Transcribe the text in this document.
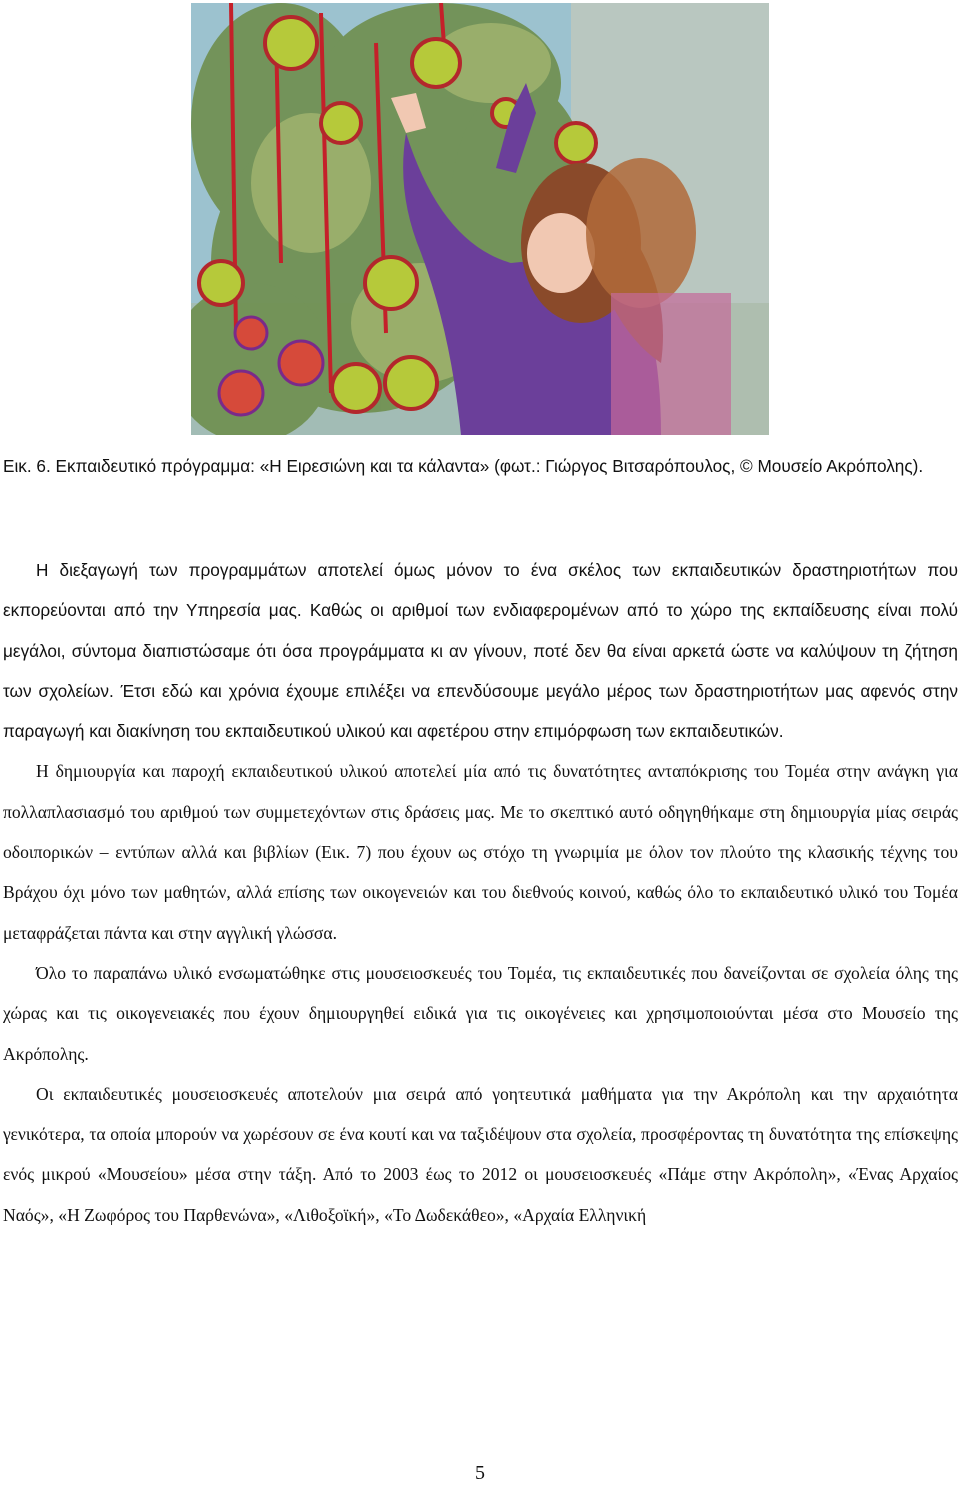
Εικ. 6. Εκπαιδευτικό πρόγραμμα: «Η Ειρεσιώνη και τα κάλαντα» (φωτ.: Γιώργος Βιτσαρόπουλος, © Μουσείο Ακρόπολης).

Η διεξαγωγή των προγραμμάτων αποτελεί όμως μόνον το ένα σκέλος των εκπαιδευτικών δραστηριοτήτων που εκπορεύονται από την Υπηρεσία μας. Καθώς οι αριθμοί των ενδιαφερομένων από το χώρο της εκπαίδευσης είναι πολύ μεγάλοι, σύντομα διαπιστώσαμε ότι όσα προγράμματα κι αν γίνουν, ποτέ δεν θα είναι αρκετά ώστε να καλύψουν τη ζήτηση των σχολείων. Έτσι εδώ και χρόνια έχουμε επιλέξει να επενδύσουμε μεγάλο μέρος των δραστηριοτήτων μας αφενός στην παραγωγή και διακίνηση του εκπαιδευτικού υλικού και αφετέρου στην επιμόρφωση των εκπαιδευτικών.

Η δημιουργία και παροχή εκπαιδευτικού υλικού αποτελεί μία από τις δυνατότητες ανταπόκρισης του Τομέα στην ανάγκη για πολλαπλασιασμό του αριθμού των συμμετεχόντων στις δράσεις μας. Με το σκεπτικό αυτό οδηγηθήκαμε στη δημιουργία μίας σειράς οδοιπορικών – εντύπων αλλά και βιβλίων (Εικ. 7) που έχουν ως στόχο τη γνωριμία με όλον τον πλούτο της κλασικής τέχνης του Βράχου όχι μόνο των μαθητών, αλλά επίσης των οικογενειών και του διεθνούς κοινού, καθώς όλο το εκπαιδευτικό υλικό του Τομέα μεταφράζεται πάντα και στην αγγλική γλώσσα.

Όλο το παραπάνω υλικό ενσωματώθηκε στις μουσειοσκευές του Τομέα, τις εκπαιδευτικές που δανείζονται σε σχολεία όλης της χώρας και τις οικογενειακές που έχουν δημιουργηθεί ειδικά για τις οικογένειες και χρησιμοποιούνται μέσα στο Μουσείο της Ακρόπολης.

Οι εκπαιδευτικές μουσειοσκευές αποτελούν μια σειρά από γοητευτικά μαθήματα για την Ακρόπολη και την αρχαιότητα γενικότερα, τα οποία μπορούν να χωρέσουν σε ένα κουτί και να ταξιδέψουν στα σχολεία, προσφέροντας τη δυνατότητα της επίσκεψης ενός μικρού «Μουσείου» μέσα στην τάξη. Από το 2003 έως το 2012 οι μουσειοσκευές «Πάμε στην Ακρόπολη», «Ένας Αρχαίος Ναός», «Η Ζωφόρος του Παρθενώνα», «Λιθοξοϊκή», «Το Δωδεκάθεο», «Αρχαία Ελληνική

5
